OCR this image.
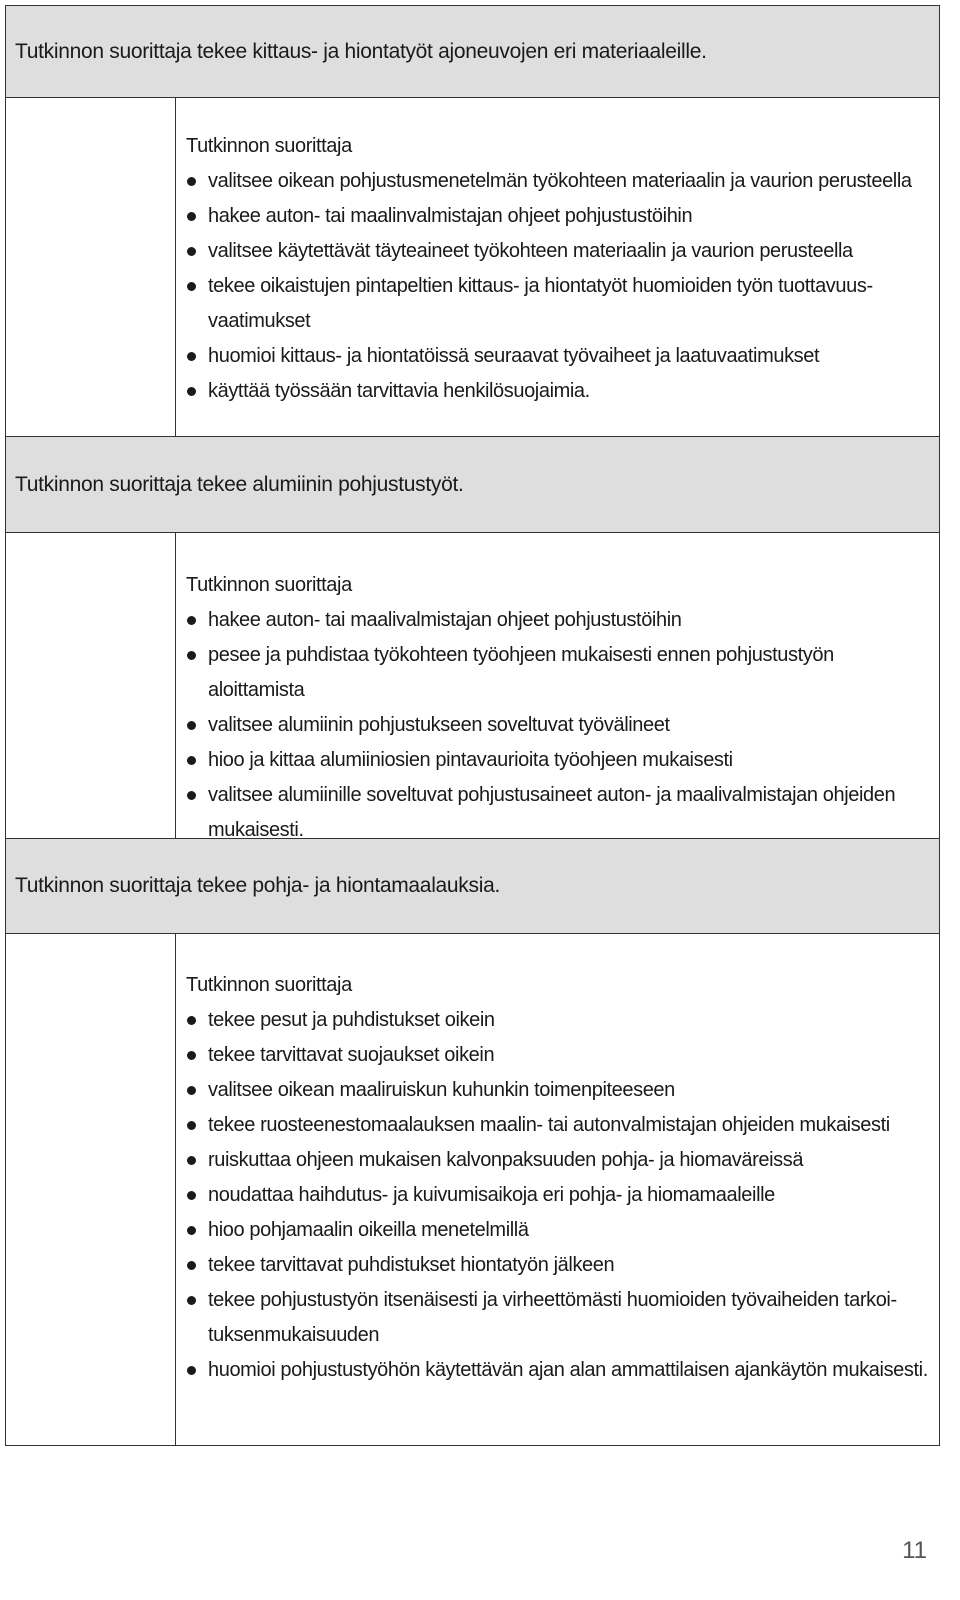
Tutkinnon suorittaja tekee kittaus- ja hiontatyöt ajoneuvojen eri materiaaleille.
Tutkinnon suorittaja
valitsee oikean pohjustusmenetelmän työkohteen materiaalin ja vaurion perusteella
hakee auton- tai maalinvalmistajan ohjeet pohjustustöihin
valitsee käytettävät täyteaineet työkohteen materiaalin ja vaurion perusteella
tekee oikaistujen pintapeltien kittaus- ja hiontatyöt huomioiden työn tuottavuus-vaatimukset
huomioi kittaus- ja hiontatöissä seuraavat työvaiheet ja laatuvaatimukset
käyttää työssään tarvittavia henkilösuojaimia.
Tutkinnon suorittaja tekee alumiinin pohjustustyöt.
Tutkinnon suorittaja
hakee auton- tai maalivalmistajan ohjeet pohjustustöihin
pesee ja puhdistaa työkohteen työohjeen mukaisesti ennen pohjustustyön aloittamista
valitsee alumiinin pohjustukseen soveltuvat työvälineet
hioo ja kittaa alumiiniosien pintavaurioita työohjeen mukaisesti
valitsee alumiinille soveltuvat pohjustusaineet auton- ja maalivalmistajan ohjeiden mukaisesti.
Tutkinnon suorittaja tekee pohja- ja hiontamaalauksia.
Tutkinnon suorittaja
tekee pesut ja puhdistukset oikein
tekee tarvittavat suojaukset oikein
valitsee oikean maaliruiskun kuhunkin toimenpiteeseen
tekee ruosteenestomaalauksen maalin- tai autonvalmistajan ohjeiden mukaisesti
ruiskuttaa ohjeen mukaisen kalvonpaksuuden pohja- ja hiomaväreissä
noudattaa haihdutus- ja kuivumisaikoja eri pohja- ja hiomamaaleille
hioo pohjamaalin oikeilla menetelmillä
tekee tarvittavat puhdistukset hiontatyön jälkeen
tekee pohjustustyön itsenäisesti ja virheettömästi huomioiden työvaiheiden tarkoi-tuksenmukaisuuden
huomioi pohjustustyöhön käytettävän ajan alan ammattilaisen ajankäytön mukaisesti.
11
